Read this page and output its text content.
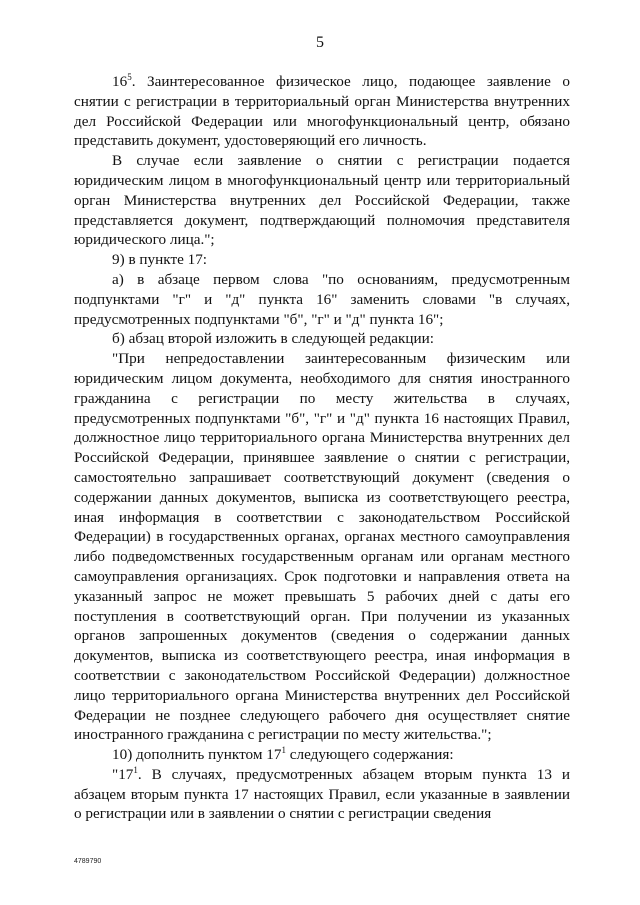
5

$16^5$. Заинтересованное физическое лицо, подающее заявление о снятии с регистрации в территориальный орган Министерства внутренних дел Российской Федерации или многофункциональный центр, обязано представить документ, удостоверяющий его личность.

В случае если заявление о снятии с регистрации подается юридическим лицом в многофункциональный центр или территориальный орган Министерства внутренних дел Российской Федерации, также представляется документ, подтверждающий полномочия представителя юридического лица.";

9) в пункте 17:

а) в абзаце первом слова "по основаниям, предусмотренным подпунктами "г" и "д" пункта 16" заменить словами "в случаях, предусмотренных подпунктами "б", "г" и "д" пункта 16";

б) абзац второй изложить в следующей редакции:

"При непредоставлении заинтересованным физическим или юридическим лицом документа, необходимого для снятия иностранного гражданина с регистрации по месту жительства в случаях, предусмотренных подпунктами "б", "г" и "д" пункта 16 настоящих Правил, должностное лицо территориального органа Министерства внутренних дел Российской Федерации, принявшее заявление о снятии с регистрации, самостоятельно запрашивает соответствующий документ (сведения о содержании данных документов, выписка из соответствующего реестра, иная информация в соответствии с законодательством Российской Федерации) в государственных органах, органах местного самоуправления либо подведомственных государственным органам или органам местного самоуправления организациях. Срок подготовки и направления ответа на указанный запрос не может превышать 5 рабочих дней с даты его поступления в соответствующий орган. При получении из указанных органов запрошенных документов (сведения о содержании данных документов, выписка из соответствующего реестра, иная информация в соответствии с законодательством Российской Федерации) должностное лицо территориального органа Министерства внутренних дел Российской Федерации не позднее следующего рабочего дня осуществляет снятие иностранного гражданина с регистрации по месту жительства.";

10) дополнить пунктом $17^1$ следующего содержания:

"$17^1$. В случаях, предусмотренных абзацем вторым пункта 13 и абзацем вторым пункта 17 настоящих Правил, если указанные в заявлении о регистрации или в заявлении о снятии с регистрации сведения

4789790
